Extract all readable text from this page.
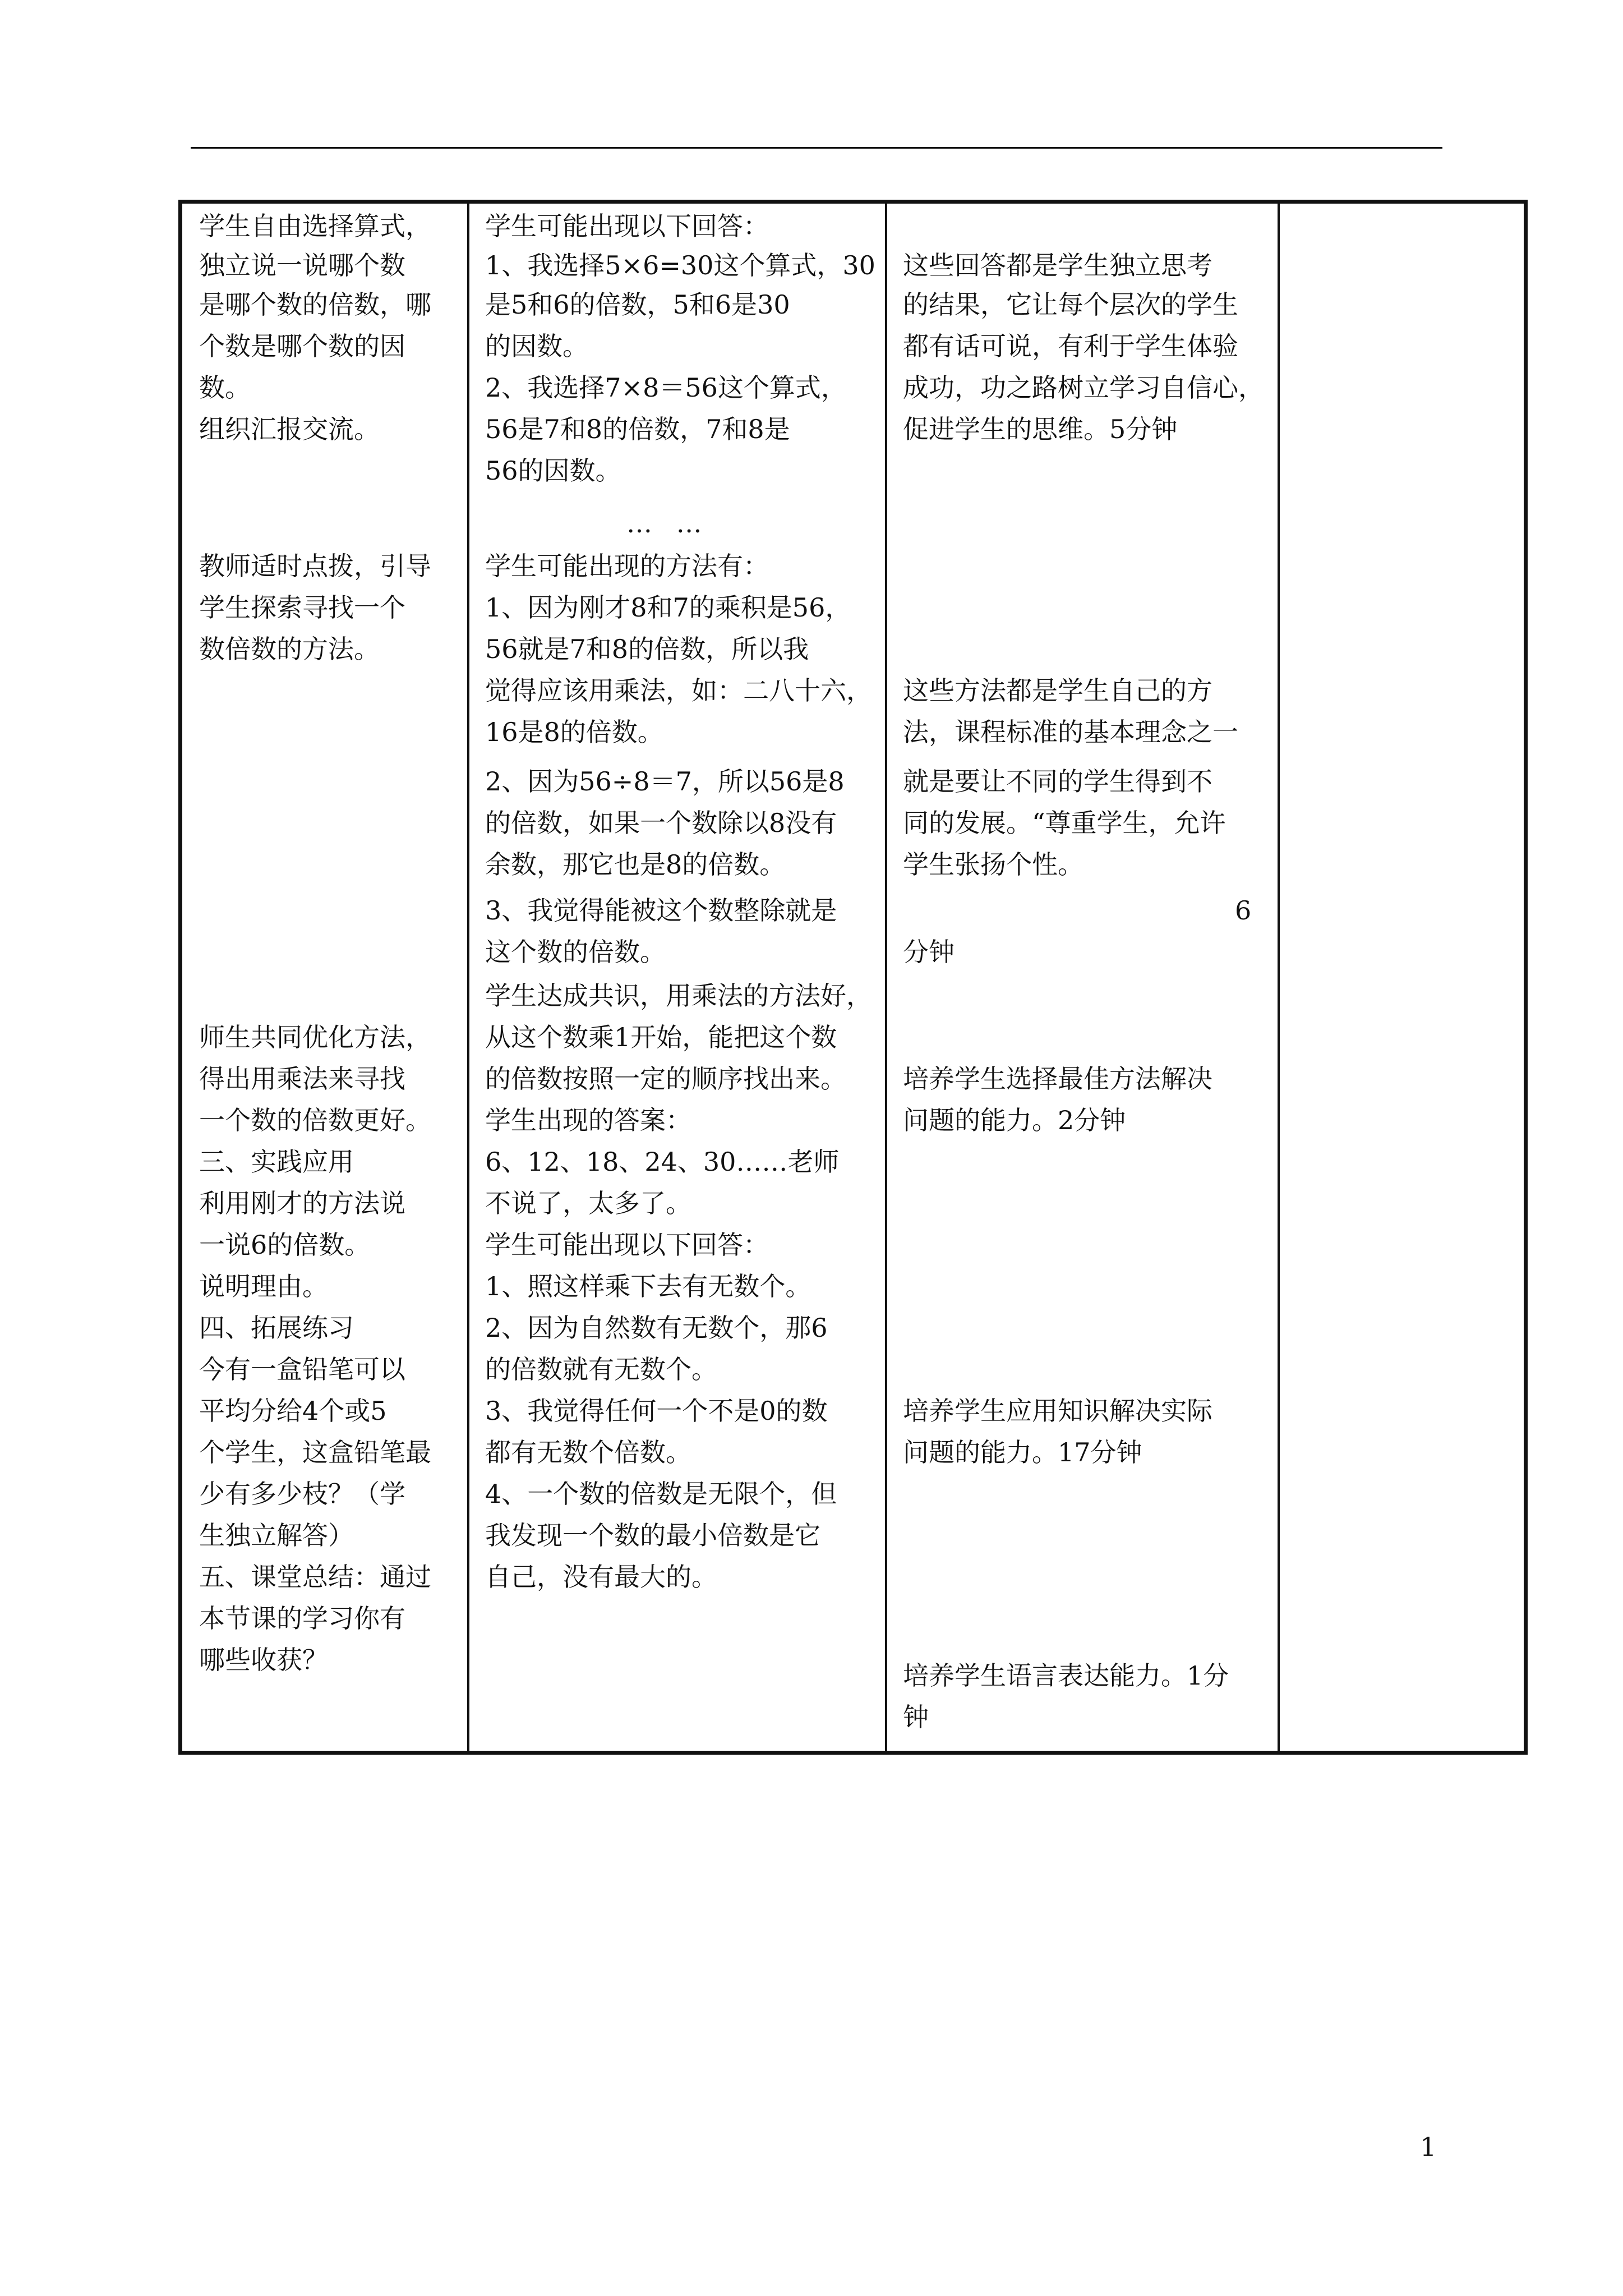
学生自由选择算式，
独立说一说哪个数
是哪个数的倍数，哪
个数是哪个数的因
数。
组织汇报交流。
教师适时点拨，引导
学生探索寻找一个
数倍数的方法。
师生共同优化方法，
得出用乘法来寻找
一个数的倍数更好。
三、实践应用
利用刚才的方法说
一说6的倍数。
说明理由。
四、拓展练习
今有一盒铅笔可以
平均分给4个或5
个学生，这盒铅笔最
少有多少枝？（学
生独立解答）
五、课堂总结：通过
本节课的学习你有
哪些收获？
学生可能出现以下回答：
1、我选择5×6=30这个算式，30
是5和6的倍数，5和6是30
的因数。
2、我选择7×8＝56这个算式，
56是7和8的倍数，7和8是
56的因数。
… …
学生可能出现的方法有：
1、因为刚才8和7的乘积是56，
56就是7和8的倍数，所以我
觉得应该用乘法，如：二八十六，
16是8的倍数。
2、因为56÷8＝7，所以56是8
的倍数，如果一个数除以8没有
余数，那它也是8的倍数。
3、我觉得能被这个数整除就是
这个数的倍数。
学生达成共识，用乘法的方法好，
从这个数乘1开始，能把这个数
的倍数按照一定的顺序找出来。
学生出现的答案：
6、12、18、24、30……老师
不说了，太多了。
学生可能出现以下回答：
1、照这样乘下去有无数个。
2、因为自然数有无数个，那6
的倍数就有无数个。
3、我觉得任何一个不是0的数
都有无数个倍数。
4、一个数的倍数是无限个，但
我发现一个数的最小倍数是它
自己，没有最大的。
这些回答都是学生独立思考
的结果，它让每个层次的学生
都有话可说，有利于学生体验
成功，功之路树立学习自信心，
促进学生的思维。5分钟
这些方法都是学生自己的方
法，课程标准的基本理念之一
就是要让不同的学生得到不
同的发展。“尊重学生，允许
学生张扬个性。
6
分钟
培养学生选择最佳方法解决
问题的能力。2分钟
培养学生应用知识解决实际
问题的能力。17分钟
培养学生语言表达能力。1分
钟
1
